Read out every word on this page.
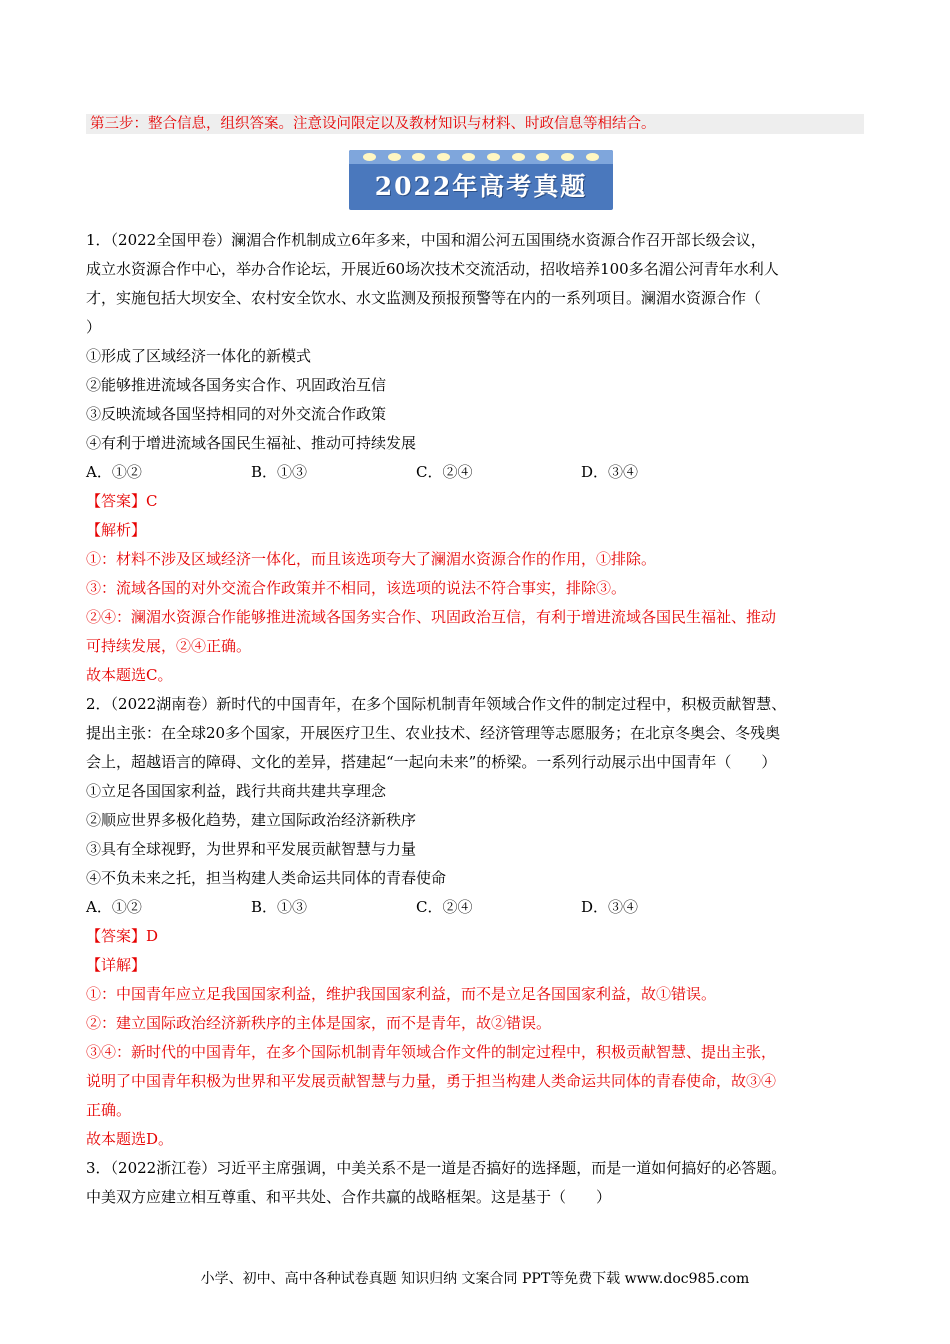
第三步：整合信息，组织答案。注意设问限定以及教材知识与材料、时政信息等相结合。
2022年高考真题
1．（2022全国甲卷）澜湄合作机制成立6年多来，中国和湄公河五国围绕水资源合作召开部长级会议，
成立水资源合作中心，举办合作论坛，开展近60场次技术交流活动，招收培养100多名湄公河青年水利人
才，实施包括大坝安全、农村安全饮水、水文监测及预报预警等在内的一系列项目。澜湄水资源合作（
）
①形成了区域经济一体化的新模式
②能够推进流域各国务实合作、巩固政治互信
③反映流域各国坚持相同的对外交流合作政策
④有利于增进流域各国民生福祉、推动可持续发展
A．①②	B．①③	C．②④	D．③④
【答案】C
【解析】
①：材料不涉及区域经济一体化，而且该选项夸大了澜湄水资源合作的作用，①排除。
③：流域各国的对外交流合作政策并不相同，该选项的说法不符合事实，排除③。
②④：澜湄水资源合作能够推进流域各国务实合作、巩固政治互信，有利于增进流域各国民生福祉、推动
可持续发展，②④正确。
故本题选C。
2．（2022湖南卷）新时代的中国青年，在多个国际机制青年领域合作文件的制定过程中，积极贡献智慧、
提出主张：在全球20多个国家，开展医疗卫生、农业技术、经济管理等志愿服务；在北京冬奥会、冬残奥
会上，超越语言的障碍、文化的差异，搭建起“一起向未来”的桥梁。一系列行动展示出中国青年（　　）
①立足各国国家利益，践行共商共建共享理念
②顺应世界多极化趋势，建立国际政治经济新秩序
③具有全球视野，为世界和平发展贡献智慧与力量
④不负未来之托，担当构建人类命运共同体的青春使命
A．①②	B．①③	C．②④	D．③④
【答案】D
【详解】
①：中国青年应立足我国国家利益，维护我国国家利益，而不是立足各国国家利益，故①错误。
②：建立国际政治经济新秩序的主体是国家，而不是青年，故②错误。
③④：新时代的中国青年，在多个国际机制青年领域合作文件的制定过程中，积极贡献智慧、提出主张，
说明了中国青年积极为世界和平发展贡献智慧与力量，勇于担当构建人类命运共同体的青春使命，故③④
正确。
故本题选D。
3．（2022浙江卷）习近平主席强调，中美关系不是一道是否搞好的选择题，而是一道如何搞好的必答题。
中美双方应建立相互尊重、和平共处、合作共赢的战略框架。这是基于（　　）
小学、初中、高中各种试卷真题 知识归纳 文案合同 PPT等免费下载 www.doc985.com
